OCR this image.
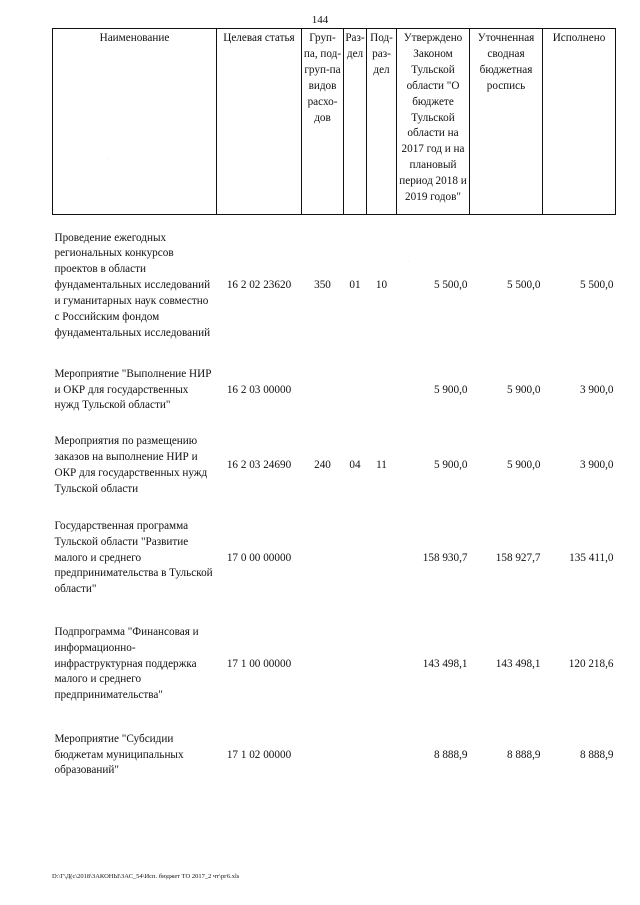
144
Наименование	Целевая статья	Груп-па, под-груп-па видов расхо-дов	Раз-дел	Под-раз-дел	Утверждено Законом Тульской области "О бюджете Тульской области на 2017 год и на плановый период 2018 и 2019 годов"	Уточненная сводная бюджетная роспись	Исполнено
Проведение ежегодных региональных конкурсов проектов в области фундаментальных исследований и гуманитарных наук совместно с Российским фондом фундаментальных исследований	16 2 02 23620	350	01	10	5 500,0	5 500,0	5 500,0
Мероприятие "Выполнение НИР и ОКР для государственных нужд Тульской области"	16 2 03 00000				5 900,0	5 900,0	3 900,0
Мероприятия по размещению заказов на выполнение НИР и ОКР для государственных нужд Тульской области	16 2 03 24690	240	04	11	5 900,0	5 900,0	3 900,0
Государственная программа Тульской области "Развитие малого и среднего предпринимательства в Тульской области"	17 0 00 00000				158 930,7	158 927,7	135 411,0
Подпрограмма "Финансовая и информационно-инфраструктурная поддержка малого и среднего предпринимательства"	17 1 00 00000				143 498,1	143 498,1	120 218,6
Мероприятие "Субсидии бюджетам муниципальных образований"	17 1 02 00000				8 888,9	8 888,9	8 888,9
.
.
D:\Г\Д(с\2018\ЗАКОНЫ\ЗАС_54\Исп. бюджет ТО 2017_2 чт\рг6.xls
